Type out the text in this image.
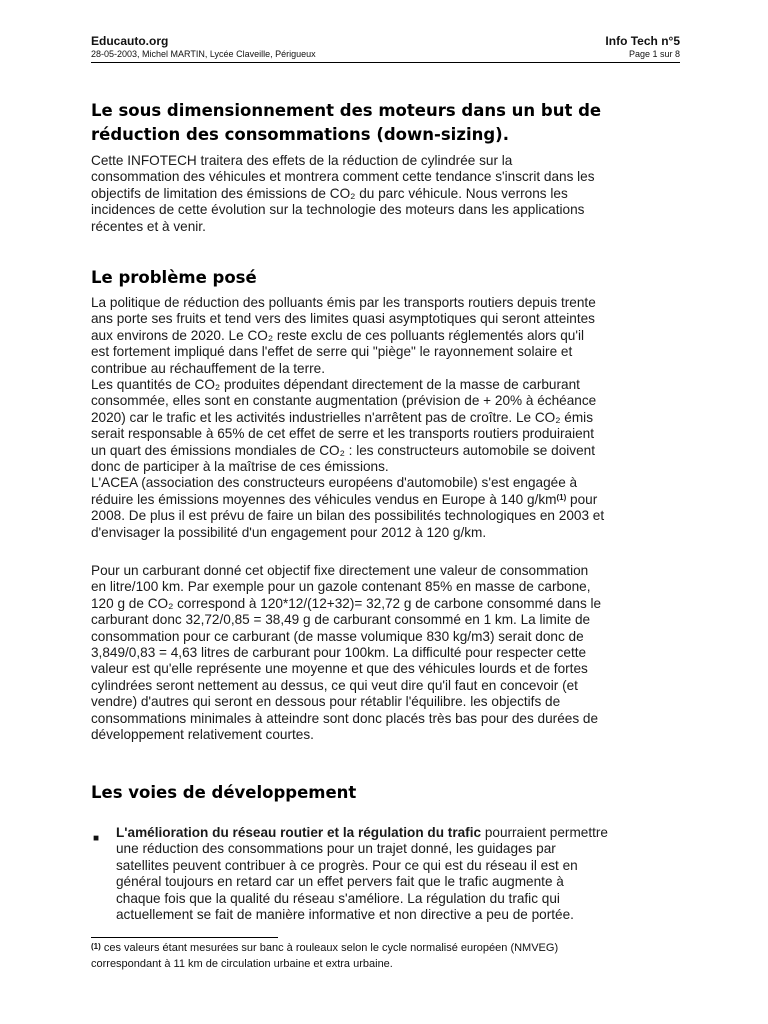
Educauto.org	Info Tech n°5
28-05-2003, Michel MARTIN, Lycée Claveille, Périgueux	Page 1 sur 8
Le sous dimensionnement des moteurs dans un but de
réduction des consommations (down-sizing).
Cette INFOTECH traitera des effets de la réduction de cylindrée sur la
consommation des véhicules et montrera comment cette tendance s'inscrit dans les
objectifs de limitation des émissions de CO₂ du parc véhicule. Nous verrons les
incidences de cette évolution sur la technologie des moteurs dans les applications
récentes et à venir.
Le problème posé
La politique de réduction des polluants émis par les transports routiers depuis trente
ans porte ses fruits et tend vers des limites quasi asymptotiques qui seront atteintes
aux environs de 2020. Le CO₂ reste exclu de ces polluants réglementés alors qu'il
est fortement impliqué dans l'effet de serre qui "piège" le rayonnement solaire et
contribue au réchauffement de la terre.
Les quantités de CO₂ produites dépendant directement de la masse de carburant
consommée, elles sont en constante augmentation (prévision de + 20% à échéance
2020) car le trafic et les activités industrielles n'arrêtent pas de croître. Le CO₂ émis
serait responsable à 65% de cet effet de serre et les transports routiers produiraient
un quart des émissions mondiales de CO₂ : les constructeurs automobile se doivent
donc de participer à la maîtrise de ces émissions.
L'ACEA (association des constructeurs européens d'automobile) s'est engagée à
réduire les émissions moyennes des véhicules vendus en Europe à 140 $g/km^{(1)}$ pour
2008. De plus il est prévu de faire un bilan des possibilités technologiques en 2003 et
d'envisager la possibilité d'un engagement pour 2012 à 120 g/km.
Pour un carburant donné cet objectif fixe directement une valeur de consommation
en litre/100 km. Par exemple pour un gazole contenant 85% en masse de carbone,
120 g de CO₂ correspond à 120*12/(12+32)= 32,72 g de carbone consommé dans le
carburant donc 32,72/0,85 = 38,49 g de carburant consommé en 1 km. La limite de
consommation pour ce carburant (de masse volumique 830 kg/m3) serait donc de
3,849/0,83 = 4,63 litres de carburant pour 100km. La difficulté pour respecter cette
valeur est qu'elle représente une moyenne et que des véhicules lourds et de fortes
cylindrées seront nettement au dessus, ce qui veut dire qu'il faut en concevoir (et
vendre) d'autres qui seront en dessous pour rétablir l'équilibre. les objectifs de
consommations minimales à atteindre sont donc placés très bas pour des durées de
développement relativement courtes.
Les voies de développement
■ L'amélioration du réseau routier et la régulation du trafic pourraient permettre
une réduction des consommations pour un trajet donné, les guidages par
satellites peuvent contribuer à ce progrès. Pour ce qui est du réseau il est en
général toujours en retard car un effet pervers fait que le trafic augmente à
chaque fois que la qualité du réseau s'améliore. La régulation du trafic qui
actuellement se fait de manière informative et non directive a peu de portée.
$^{(1)}$ ces valeurs étant mesurées sur banc à rouleaux selon le cycle normalisé européen (NMVEG)
correspondant à 11 km de circulation urbaine et extra urbaine.
